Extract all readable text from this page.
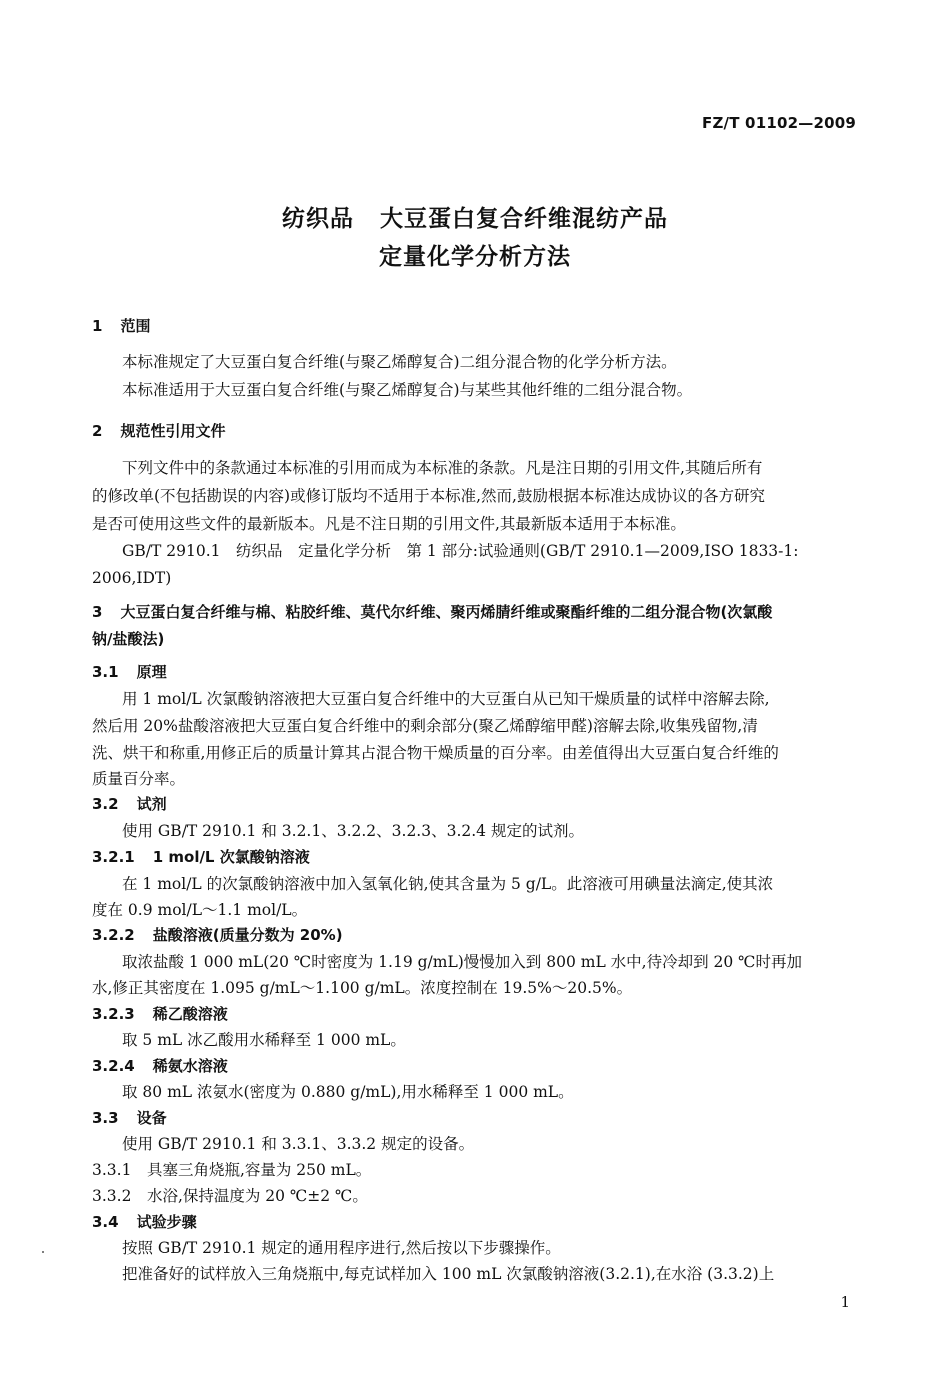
FZ/T 01102—2009
纺织品 大豆蛋白复合纤维混纺产品
定量化学分析方法
1 范围
本标准规定了大豆蛋白复合纤维(与聚乙烯醇复合)二组分混合物的化学分析方法。
本标准适用于大豆蛋白复合纤维(与聚乙烯醇复合)与某些其他纤维的二组分混合物。
2 规范性引用文件
下列文件中的条款通过本标准的引用而成为本标准的条款。凡是注日期的引用文件,其随后所有
的修改单(不包括勘误的内容)或修订版均不适用于本标准,然而,鼓励根据本标准达成协议的各方研究
是否可使用这些文件的最新版本。凡是不注日期的引用文件,其最新版本适用于本标准。
GB/T 2910.1　纺织品　定量化学分析　第 1 部分:试验通则(GB/T 2910.1—2009,ISO 1833-1:
2006,IDT)
3 大豆蛋白复合纤维与棉、粘胶纤维、莫代尔纤维、聚丙烯腈纤维或聚酯纤维的二组分混合物(次氯酸
钠/盐酸法)
3.1 原理
用 1 mol/L 次氯酸钠溶液把大豆蛋白复合纤维中的大豆蛋白从已知干燥质量的试样中溶解去除,
然后用 20%盐酸溶液把大豆蛋白复合纤维中的剩余部分(聚乙烯醇缩甲醛)溶解去除,收集残留物,清
洗、烘干和称重,用修正后的质量计算其占混合物干燥质量的百分率。由差值得出大豆蛋白复合纤维的
质量百分率。
3.2 试剂
使用 GB/T 2910.1 和 3.2.1、3.2.2、3.2.3、3.2.4 规定的试剂。
3.2.1 1 mol/L 次氯酸钠溶液
在 1 mol/L 的次氯酸钠溶液中加入氢氧化钠,使其含量为 5 g/L。此溶液可用碘量法滴定,使其浓
度在 0.9 mol/L～1.1 mol/L。
3.2.2 盐酸溶液(质量分数为 20%)
取浓盐酸 1 000 mL(20 ℃时密度为 1.19 g/mL)慢慢加入到 800 mL 水中,待冷却到 20 ℃时再加
水,修正其密度在 1.095 g/mL～1.100 g/mL。浓度控制在 19.5%～20.5%。
3.2.3 稀乙酸溶液
取 5 mL 冰乙酸用水稀释至 1 000 mL。
3.2.4 稀氨水溶液
取 80 mL 浓氨水(密度为 0.880 g/mL),用水稀释至 1 000 mL。
3.3 设备
使用 GB/T 2910.1 和 3.3.1、3.3.2 规定的设备。
3.3.1　具塞三角烧瓶,容量为 250 mL。
3.3.2　水浴,保持温度为 20 ℃±2 ℃。
3.4 试验步骤
按照 GB/T 2910.1 规定的通用程序进行,然后按以下步骤操作。
把准备好的试样放入三角烧瓶中,每克试样加入 100 mL 次氯酸钠溶液(3.2.1),在水浴 (3.3.2)上
1
